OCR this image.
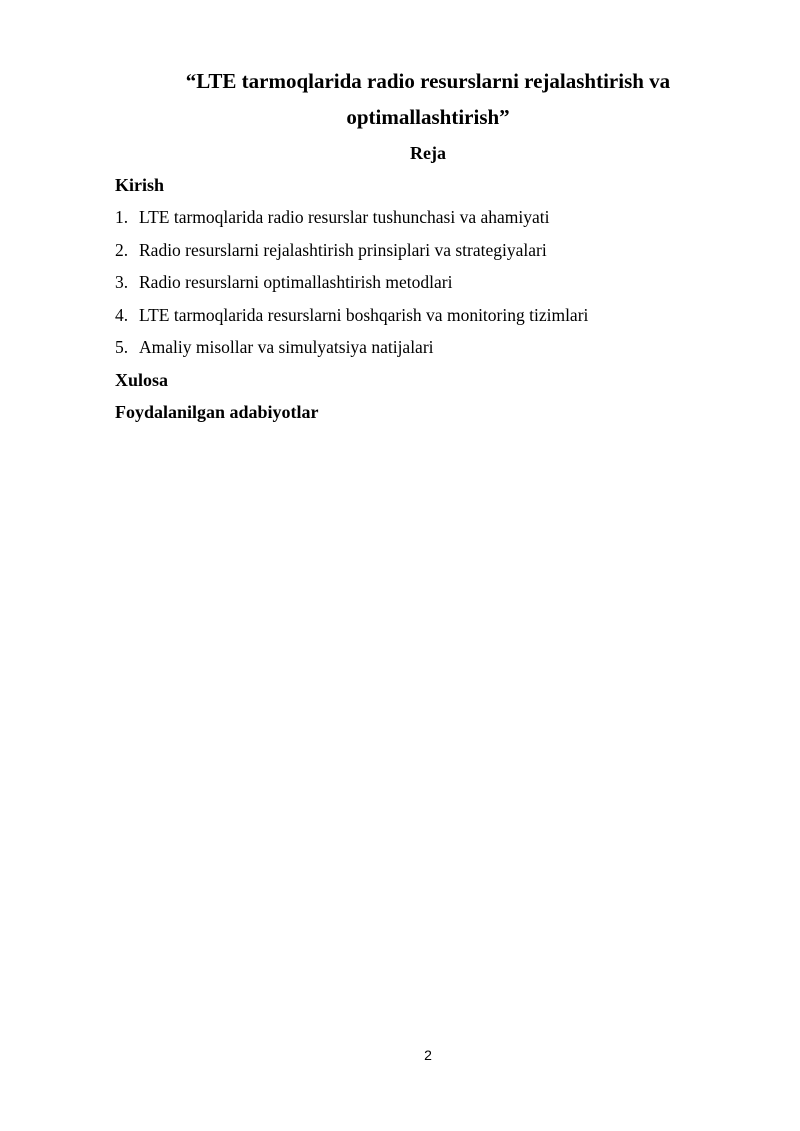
“LTE tarmoqlarida radio resurslarni rejalashtirish va

optimallashtirish”

Reja

Kirish

1. LTE tarmoqlarida radio resurslar tushunchasi va ahamiyati
2. Radio resurslarni rejalashtirish prinsiplari va strategiyalari
3. Radio resurslarni optimallashtirish metodlari
4. LTE tarmoqlarida resurslarni boshqarish va monitoring tizimlari
5. Amaliy misollar va simulyatsiya natijalari

Xulosa

Foydalanilgan adabiyotlar

2
